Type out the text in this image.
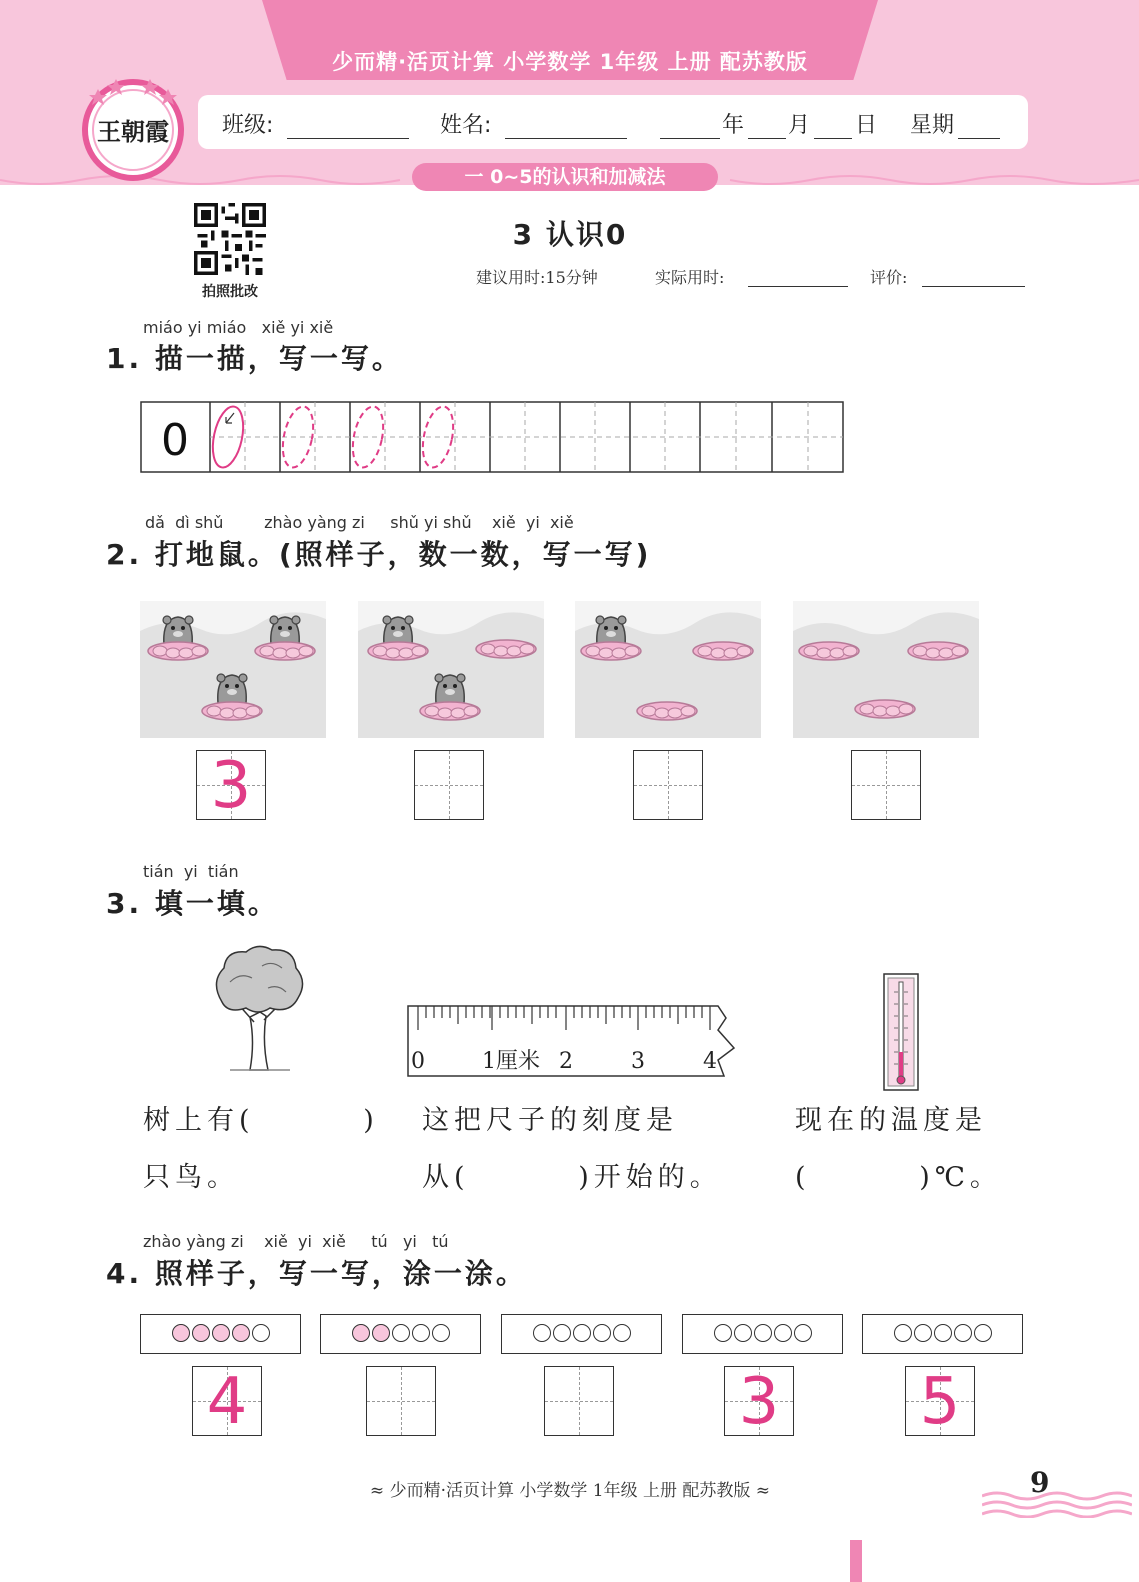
少而精·活页计算 小学数学 1年级 上册 配苏教版
王朝霞 班级:	姓名:	年 月 日 星期
一 0~5的认识和加减法
拍照批改
3 认识0
建议用时:15分钟	实际用时:	评价:
miáo yi miáo   xiě yi xiě
1. 描一描，写一写。
0
dǎ  dì shǔ        zhào yàng zi     shǔ yi shǔ    xiě  yi  xiě
2. 打地鼠。(照样子，数一数，写一写)
3
tián  yi  tián
3. 填一填。
0	1厘米 2	3	4
树上有(        )
只鸟。
这把尺子的刻度是
从(        )开始的。
现在的温度是
(        )℃。
zhào yàng zi    xiě  yi  xiě     tú   yi   tú
4. 照样子，写一写，涂一涂。
4	3 5
≈ 少而精·活页计算 小学数学 1年级 上册 配苏教版 ≈	9
